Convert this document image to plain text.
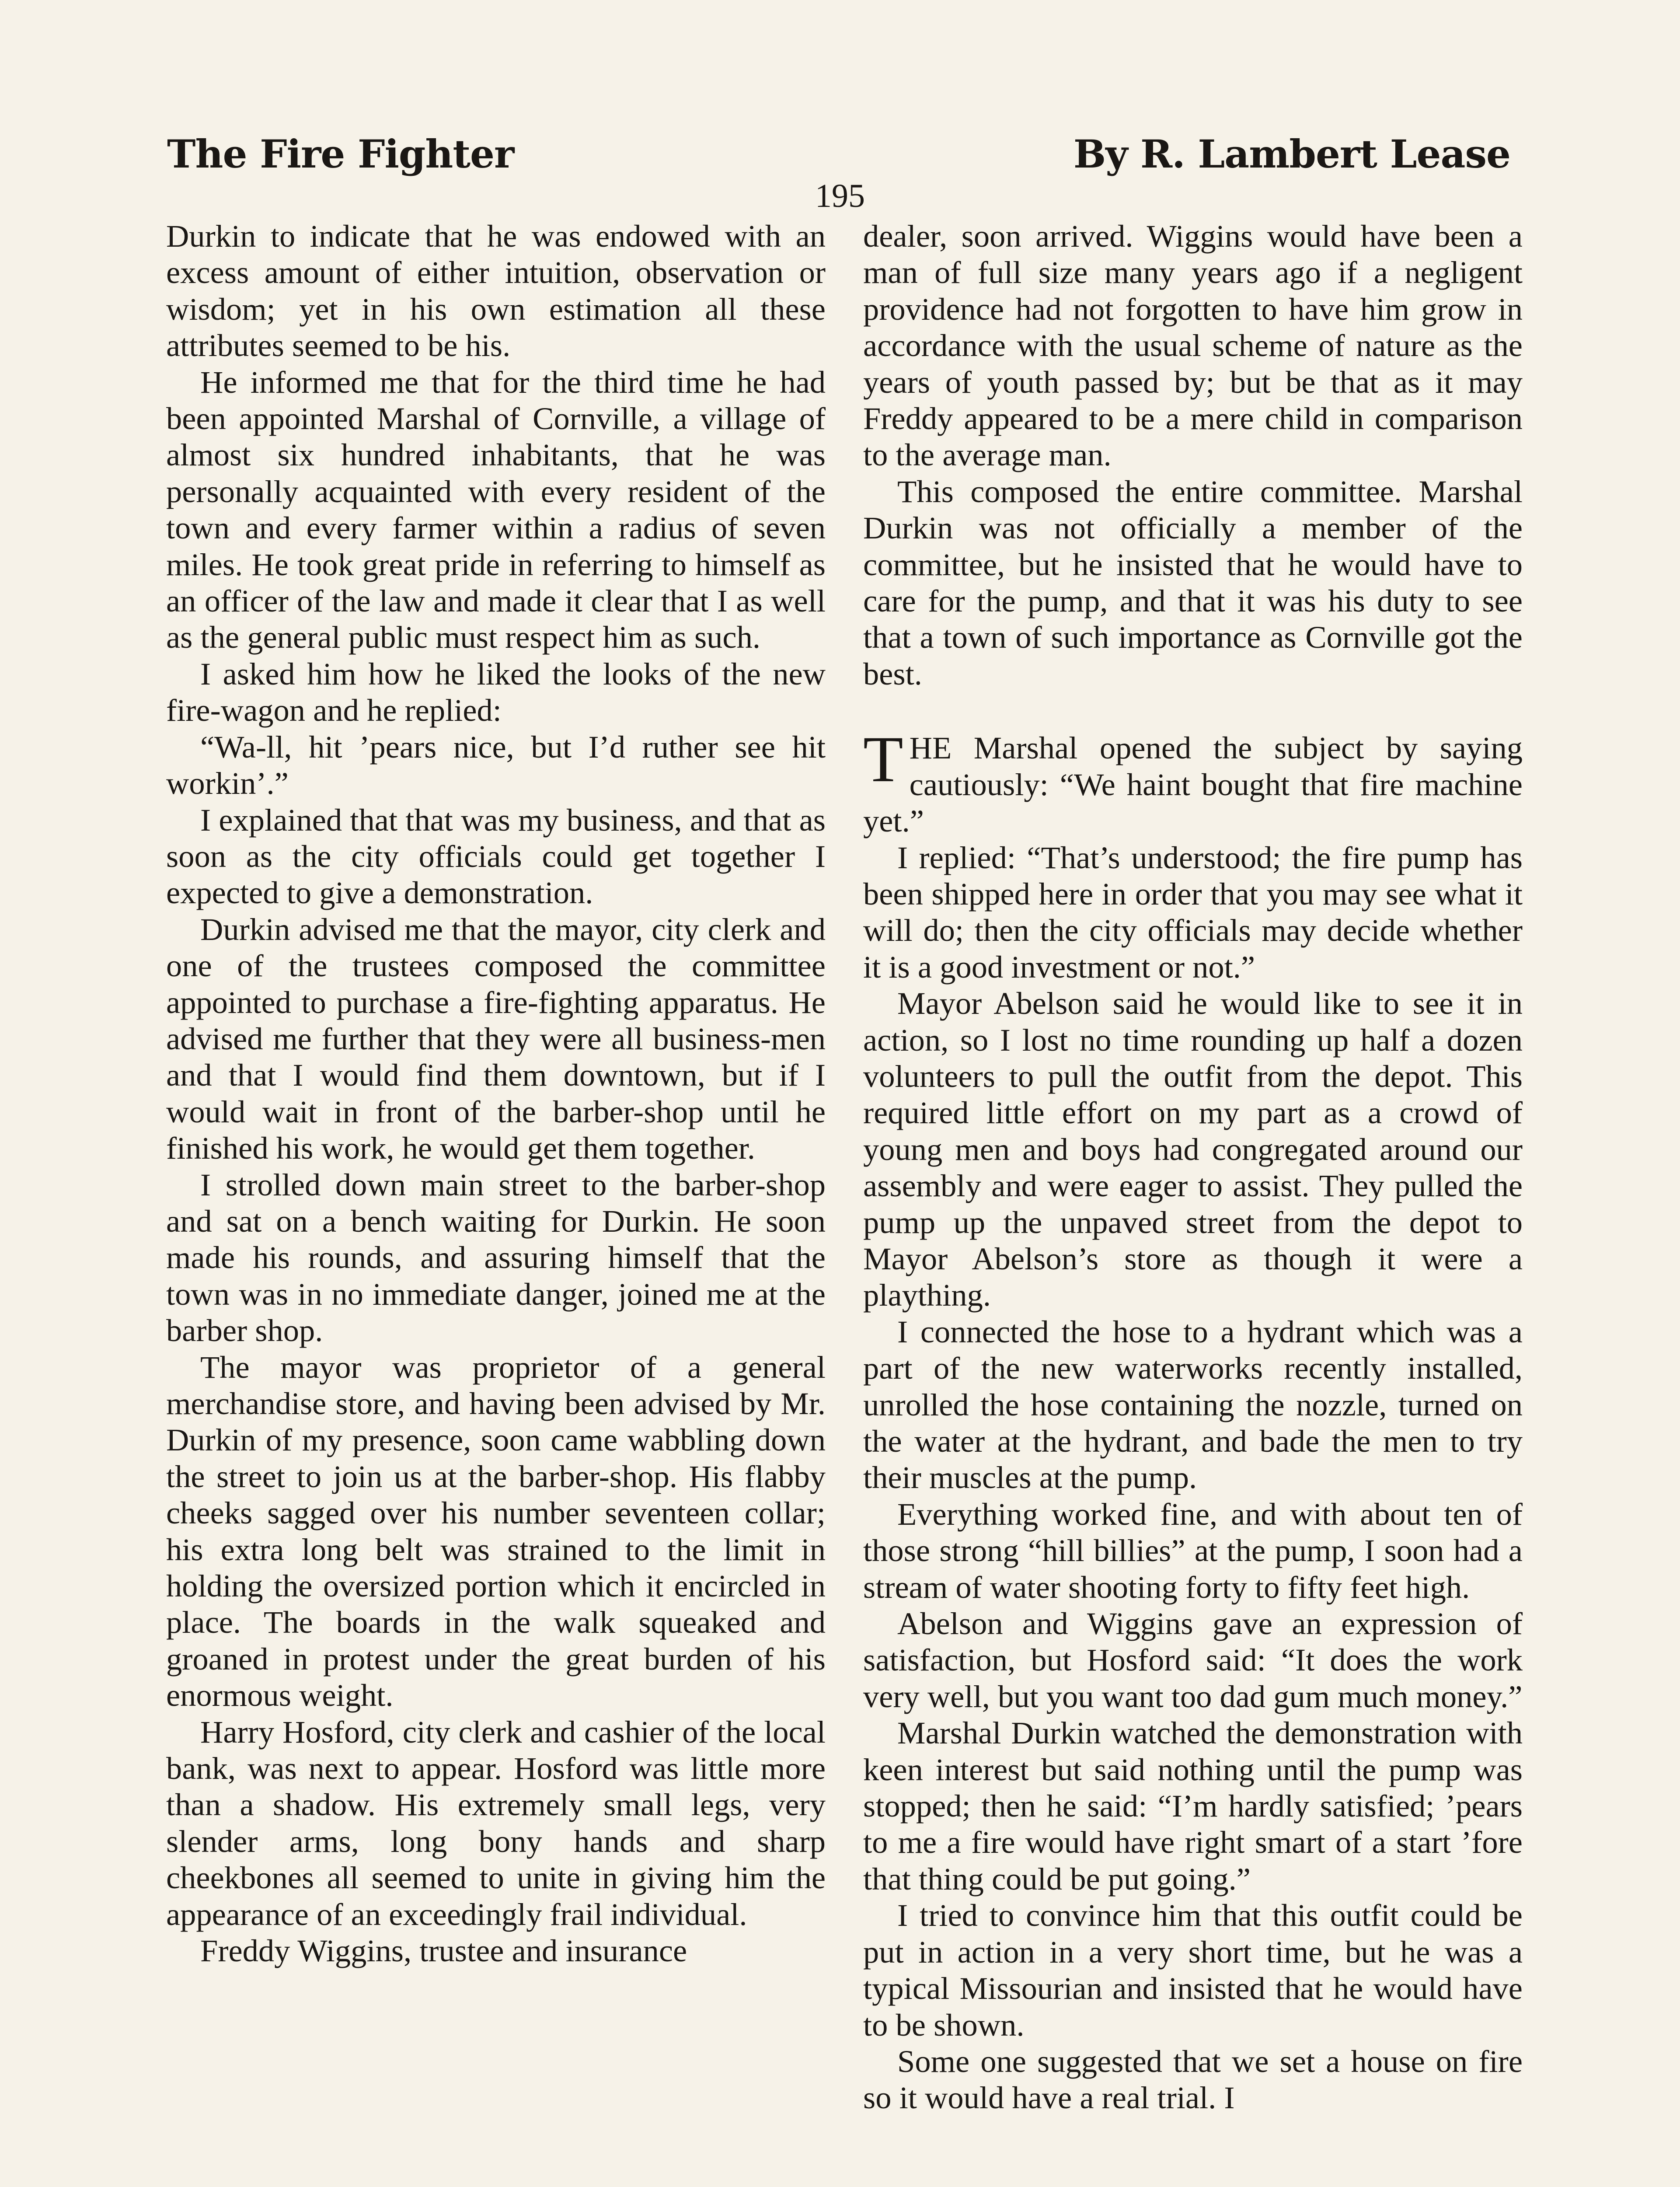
The Fire Fighter	By R. Lambert Lease
195

Durkin to indicate that he was endowed with an excess amount of either intuition, observation or wisdom; yet in his own estimation all these attributes seemed to be his.

He informed me that for the third time he had been appointed Marshal of Cornville, a village of almost six hundred inhabitants, that he was personally acquainted with every resident of the town and every farmer within a radius of seven miles. He took great pride in referring to himself as an officer of the law and made it clear that I as well as the general public must respect him as such.

I asked him how he liked the looks of the new fire-wagon and he replied:

“Wa-ll, hit ’pears nice, but I’d ruther see hit workin’.”

I explained that that was my business, and that as soon as the city officials could get together I expected to give a demonstration.

Durkin advised me that the mayor, city clerk and one of the trustees composed the committee appointed to purchase a fire-fighting apparatus. He advised me further that they were all business-men and that I would find them downtown, but if I would wait in front of the barber-shop until he finished his work, he would get them together.

I strolled down main street to the barber-shop and sat on a bench waiting for Durkin. He soon made his rounds, and assuring himself that the town was in no immediate danger, joined me at the barber shop.

The mayor was proprietor of a general merchandise store, and having been advised by Mr. Durkin of my presence, soon came wabbling down the street to join us at the barber-shop. His flabby cheeks sagged over his number seventeen collar; his extra long belt was strained to the limit in holding the oversized portion which it encircled in place. The boards in the walk squeaked and groaned in protest under the great burden of his enormous weight.

Harry Hosford, city clerk and cashier of the local bank, was next to appear. Hosford was little more than a shadow. His extremely small legs, very slender arms, long bony hands and sharp cheekbones all seemed to unite in giving him the appearance of an exceedingly frail individual.

Freddy Wiggins, trustee and insurance

dealer, soon arrived. Wiggins would have been a man of full size many years ago if a negligent providence had not forgotten to have him grow in accordance with the usual scheme of nature as the years of youth passed by; but be that as it may Freddy appeared to be a mere child in comparison to the average man.

This composed the entire committee. Marshal Durkin was not officially a member of the committee, but he insisted that he would have to care for the pump, and that it was his duty to see that a town of such importance as Cornville got the best.

THE Marshal opened the subject by saying cautiously: “We haint bought that fire machine yet.”

I replied: “That’s understood; the fire pump has been shipped here in order that you may see what it will do; then the city officials may decide whether it is a good investment or not.”

Mayor Abelson said he would like to see it in action, so I lost no time rounding up half a dozen volunteers to pull the outfit from the depot. This required little effort on my part as a crowd of young men and boys had congregated around our assembly and were eager to assist. They pulled the pump up the unpaved street from the depot to Mayor Abelson’s store as though it were a plaything.

I connected the hose to a hydrant which was a part of the new waterworks recently installed, unrolled the hose containing the nozzle, turned on the water at the hydrant, and bade the men to try their muscles at the pump.

Everything worked fine, and with about ten of those strong “hill billies” at the pump, I soon had a stream of water shooting forty to fifty feet high.

Abelson and Wiggins gave an expression of satisfaction, but Hosford said: “It does the work very well, but you want too dad gum much money.”

Marshal Durkin watched the demonstration with keen interest but said nothing until the pump was stopped; then he said: “I’m hardly satisfied; ’pears to me a fire would have right smart of a start ’fore that thing could be put going.”

I tried to convince him that this outfit could be put in action in a very short time, but he was a typical Missourian and insisted that he would have to be shown.

Some one suggested that we set a house on fire so it would have a real trial. I
